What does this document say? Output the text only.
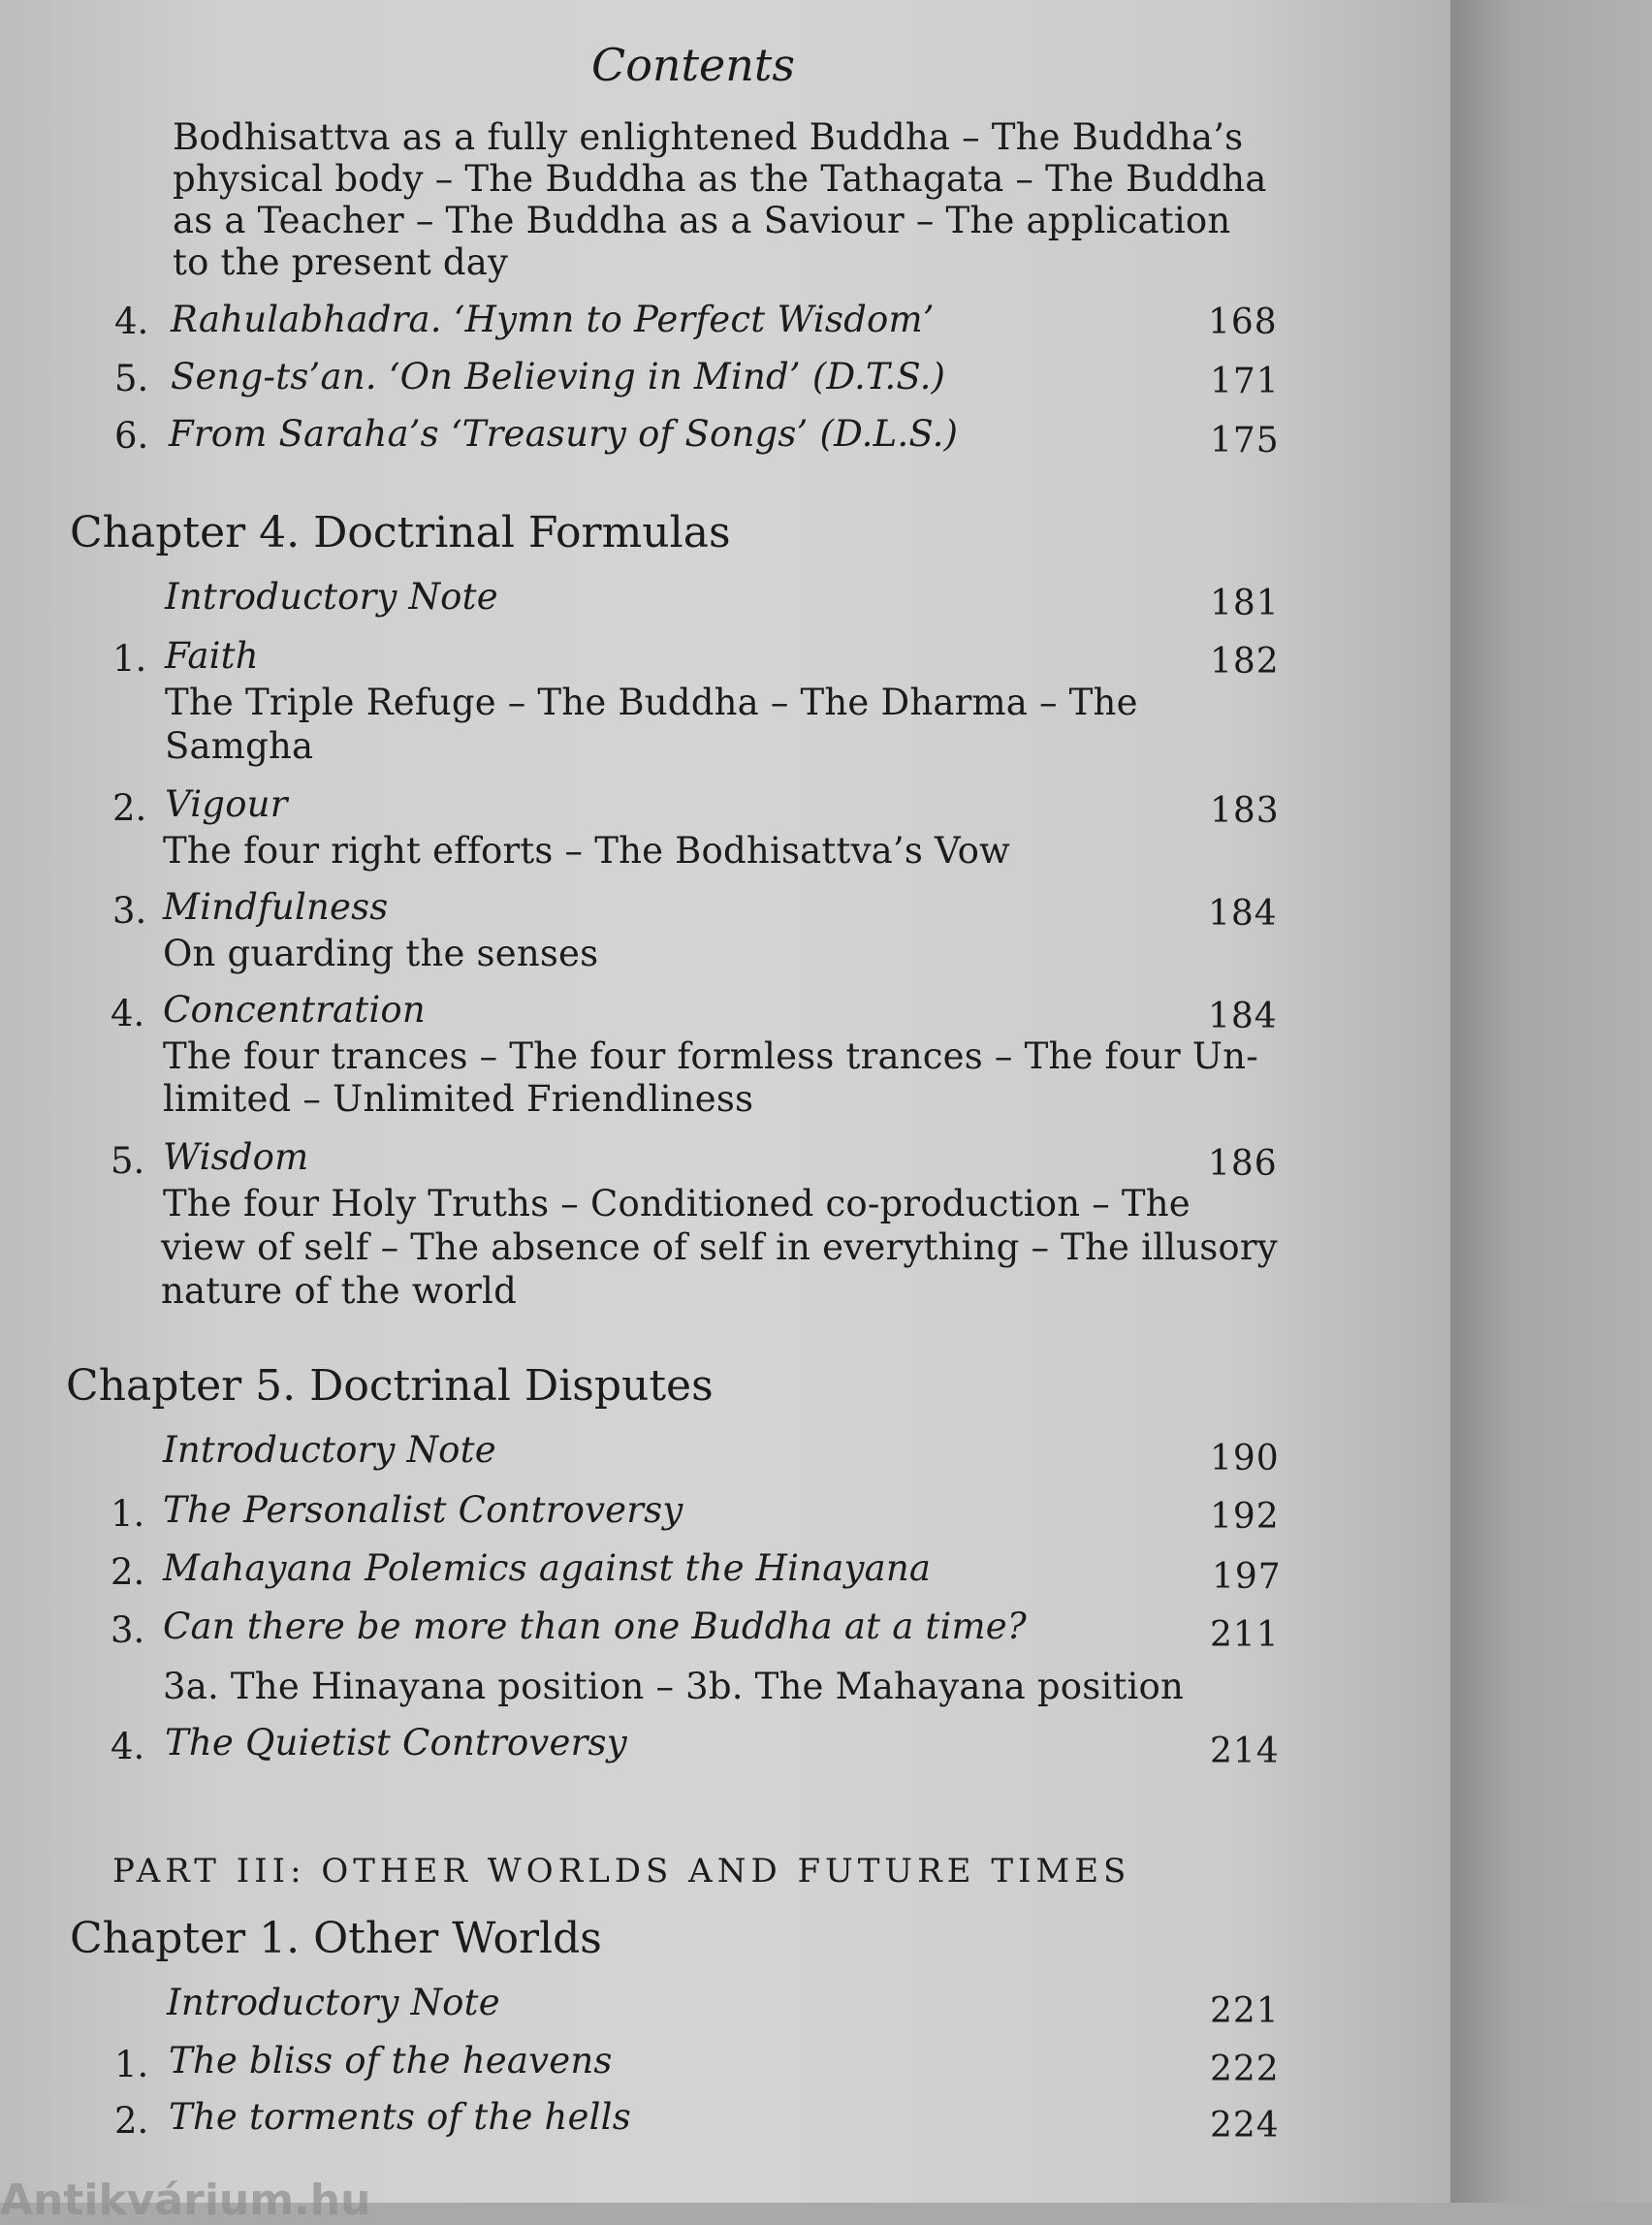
Contents
Bodhisattva as a fully enlightened Buddha – The Buddha’s
physical body – The Buddha as the Tathagata – The Buddha
as a Teacher – The Buddha as a Saviour – The application
to the present day
4. Rahulabhadra. ‘Hymn to Perfect Wisdom’	168
5. Seng-ts’an. ‘On Believing in Mind’ (D.T.S.)	171
6. From Saraha’s ‘Treasury of Songs’ (D.L.S.)	175
Chapter 4. Doctrinal Formulas
Introductory Note	181
1. Faith	182
The Triple Refuge – The Buddha – The Dharma – The
Samgha
2. Vigour	183
The four right efforts – The Bodhisattva’s Vow
3. Mindfulness	184
On guarding the senses
4. Concentration	184
The four trances – The four formless trances – The four Un-
limited – Unlimited Friendliness
5. Wisdom	186
The four Holy Truths – Conditioned co-production – The
view of self – The absence of self in everything – The illusory
nature of the world
Chapter 5. Doctrinal Disputes
Introductory Note	190
1. The Personalist Controversy	192
2. Mahayana Polemics against the Hinayana	197
3. Can there be more than one Buddha at a time?	211
3a. The Hinayana position – 3b. The Mahayana position
4. The Quietist Controversy	214
PART III: OTHER WORLDS AND FUTURE TIMES
Chapter 1. Other Worlds
Introductory Note	221
1. The bliss of the heavens	222
2. The torments of the hells	224
Antikvárium.hu
